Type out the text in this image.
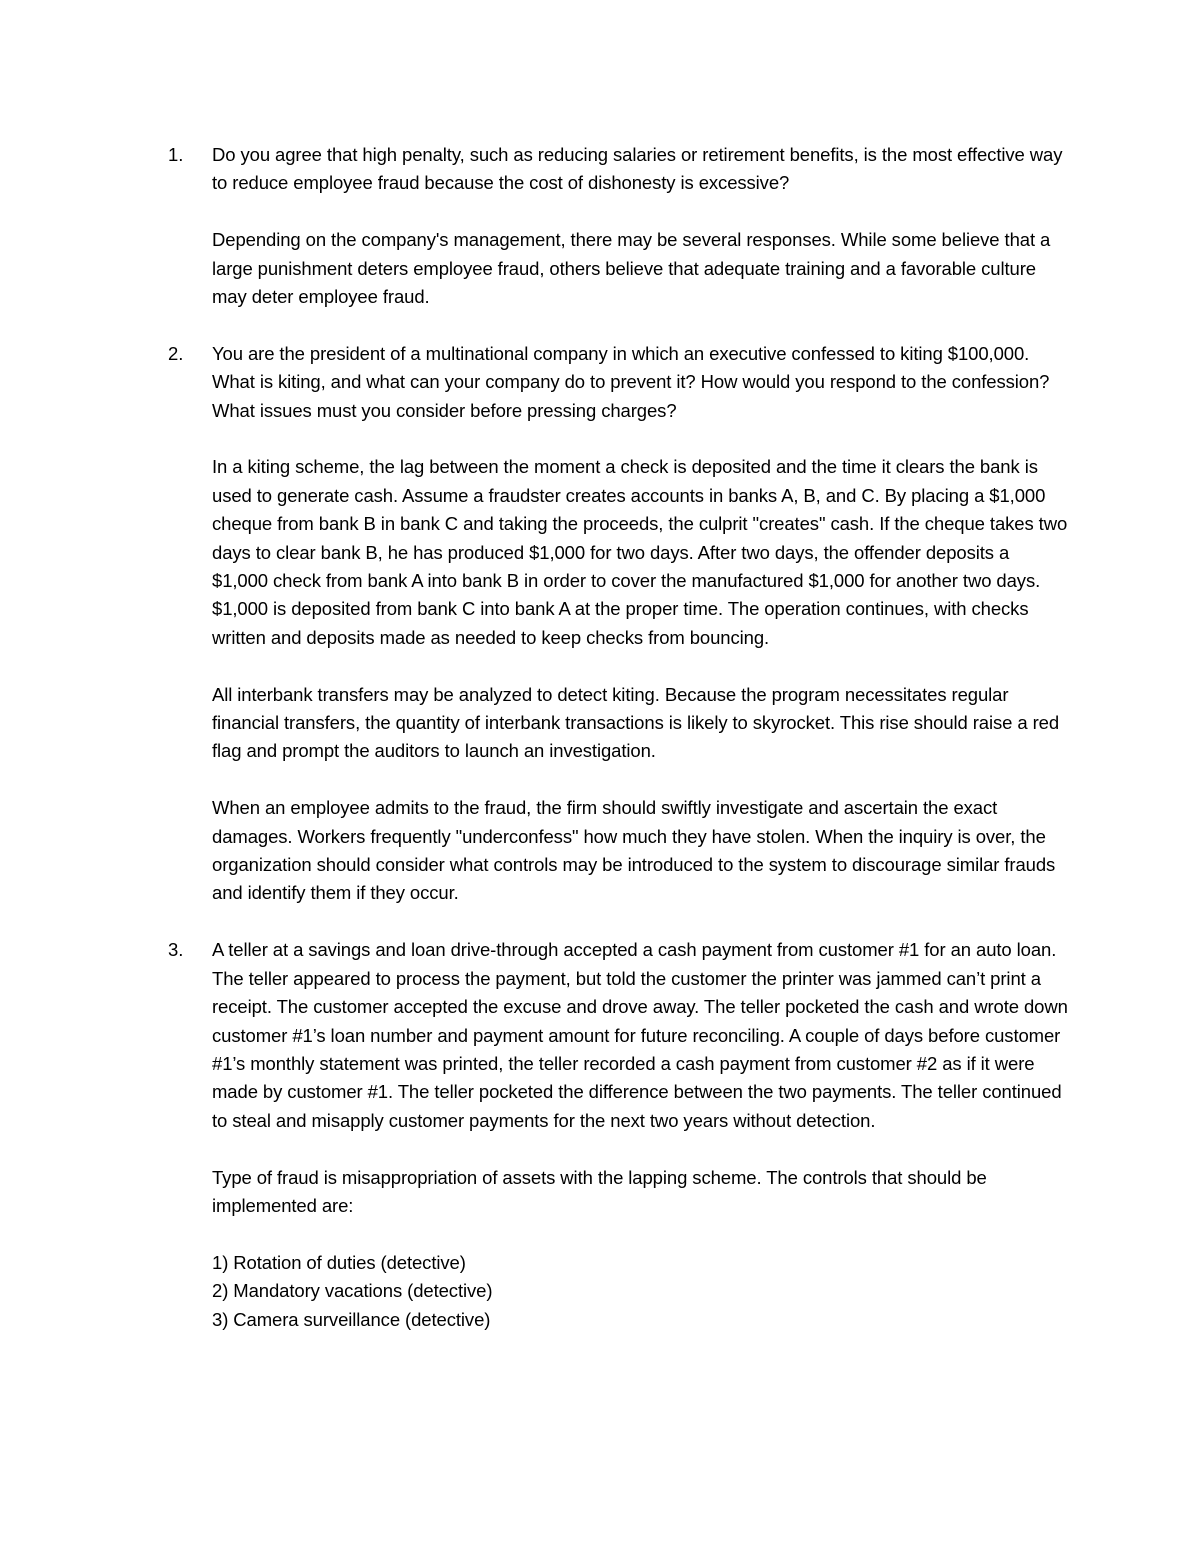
1.	Do you agree that high penalty, such as reducing salaries or retirement benefits, is the most effective way to reduce employee fraud because the cost of dishonesty is excessive?

Depending on the company's management, there may be several responses. While some believe that a large punishment deters employee fraud, others believe that adequate training and a favorable culture may deter employee fraud.

2.	You are the president of a multinational company in which an executive confessed to kiting $100,000. What is kiting, and what can your company do to prevent it? How would you respond to the confession? What issues must you consider before pressing charges?

In a kiting scheme, the lag between the moment a check is deposited and the time it clears the bank is used to generate cash. Assume a fraudster creates accounts in banks A, B, and C. By placing a $1,000 cheque from bank B in bank C and taking the proceeds, the culprit "creates" cash. If the cheque takes two days to clear bank B, he has produced $1,000 for two days. After two days, the offender deposits a $1,000 check from bank A into bank B in order to cover the manufactured $1,000 for another two days. $1,000 is deposited from bank C into bank A at the proper time. The operation continues, with checks written and deposits made as needed to keep checks from bouncing.

All interbank transfers may be analyzed to detect kiting. Because the program necessitates regular financial transfers, the quantity of interbank transactions is likely to skyrocket. This rise should raise a red flag and prompt the auditors to launch an investigation.

When an employee admits to the fraud, the firm should swiftly investigate and ascertain the exact damages. Workers frequently "underconfess" how much they have stolen. When the inquiry is over, the organization should consider what controls may be introduced to the system to discourage similar frauds and identify them if they occur.

3.	A teller at a savings and loan drive-through accepted a cash payment from customer #1 for an auto loan. The teller appeared to process the payment, but told the customer the printer was jammed can’t print a receipt. The customer accepted the excuse and drove away. The teller pocketed the cash and wrote down customer #1’s loan number and payment amount for future reconciling. A couple of days before customer #1’s monthly statement was printed, the teller recorded a cash payment from customer #2 as if it were made by customer #1. The teller pocketed the difference between the two payments. The teller continued to steal and misapply customer payments for the next two years without detection.

Type of fraud is misappropriation of assets with the lapping scheme. The controls that should be implemented are:

1) Rotation of duties (detective)
2) Mandatory vacations (detective)
3) Camera surveillance (detective)
